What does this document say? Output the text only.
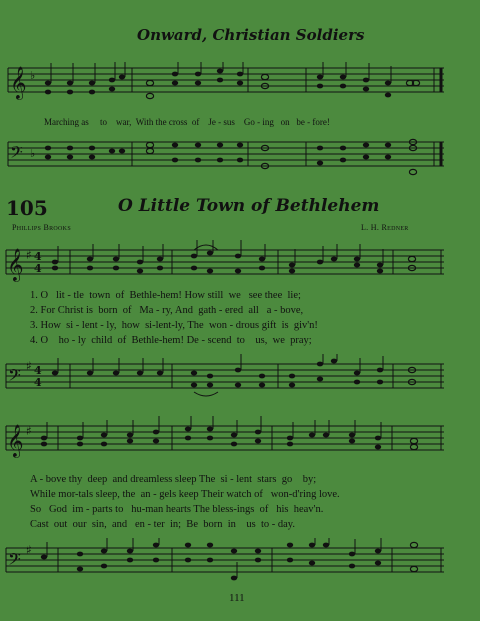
Onward, Christian Soldiers
𝄞 ♭
Marching as to war, With the cross of Je - sus Go - ing on be - fore!
𝄢 ♭
105	O Little Town of Bethlehem
Phillips Brooks	L. H. Redner
𝄞 ♯ 4
4
1. O   lit - tle  town  of  Bethle-hem! How still  we   see thee  lie;
2. For Christ is  born  of   Ma - ry, And  gath - ered  all   a - bove,
3. How  si - lent - ly,  how  si-lent-ly, The  won - drous gift  is  giv'n!
4. O    ho - ly  child  of  Bethle-hem! De - scend  to    us,  we  pray;
𝄢 ♯ 4
4
𝄞 ♯
A - bove thy  deep  and dreamless sleep The  si - lent  stars  go    by;
While mor-tals sleep, the  an - gels keep Their watch of   won-d'ring love.
So   God  im - parts to   hu-man hearts The bless-ings  of   his  heav'n.
Cast  out  our  sin,  and   en - ter  in;  Be  born  in    us  to - day.
𝄢 ♯
111
